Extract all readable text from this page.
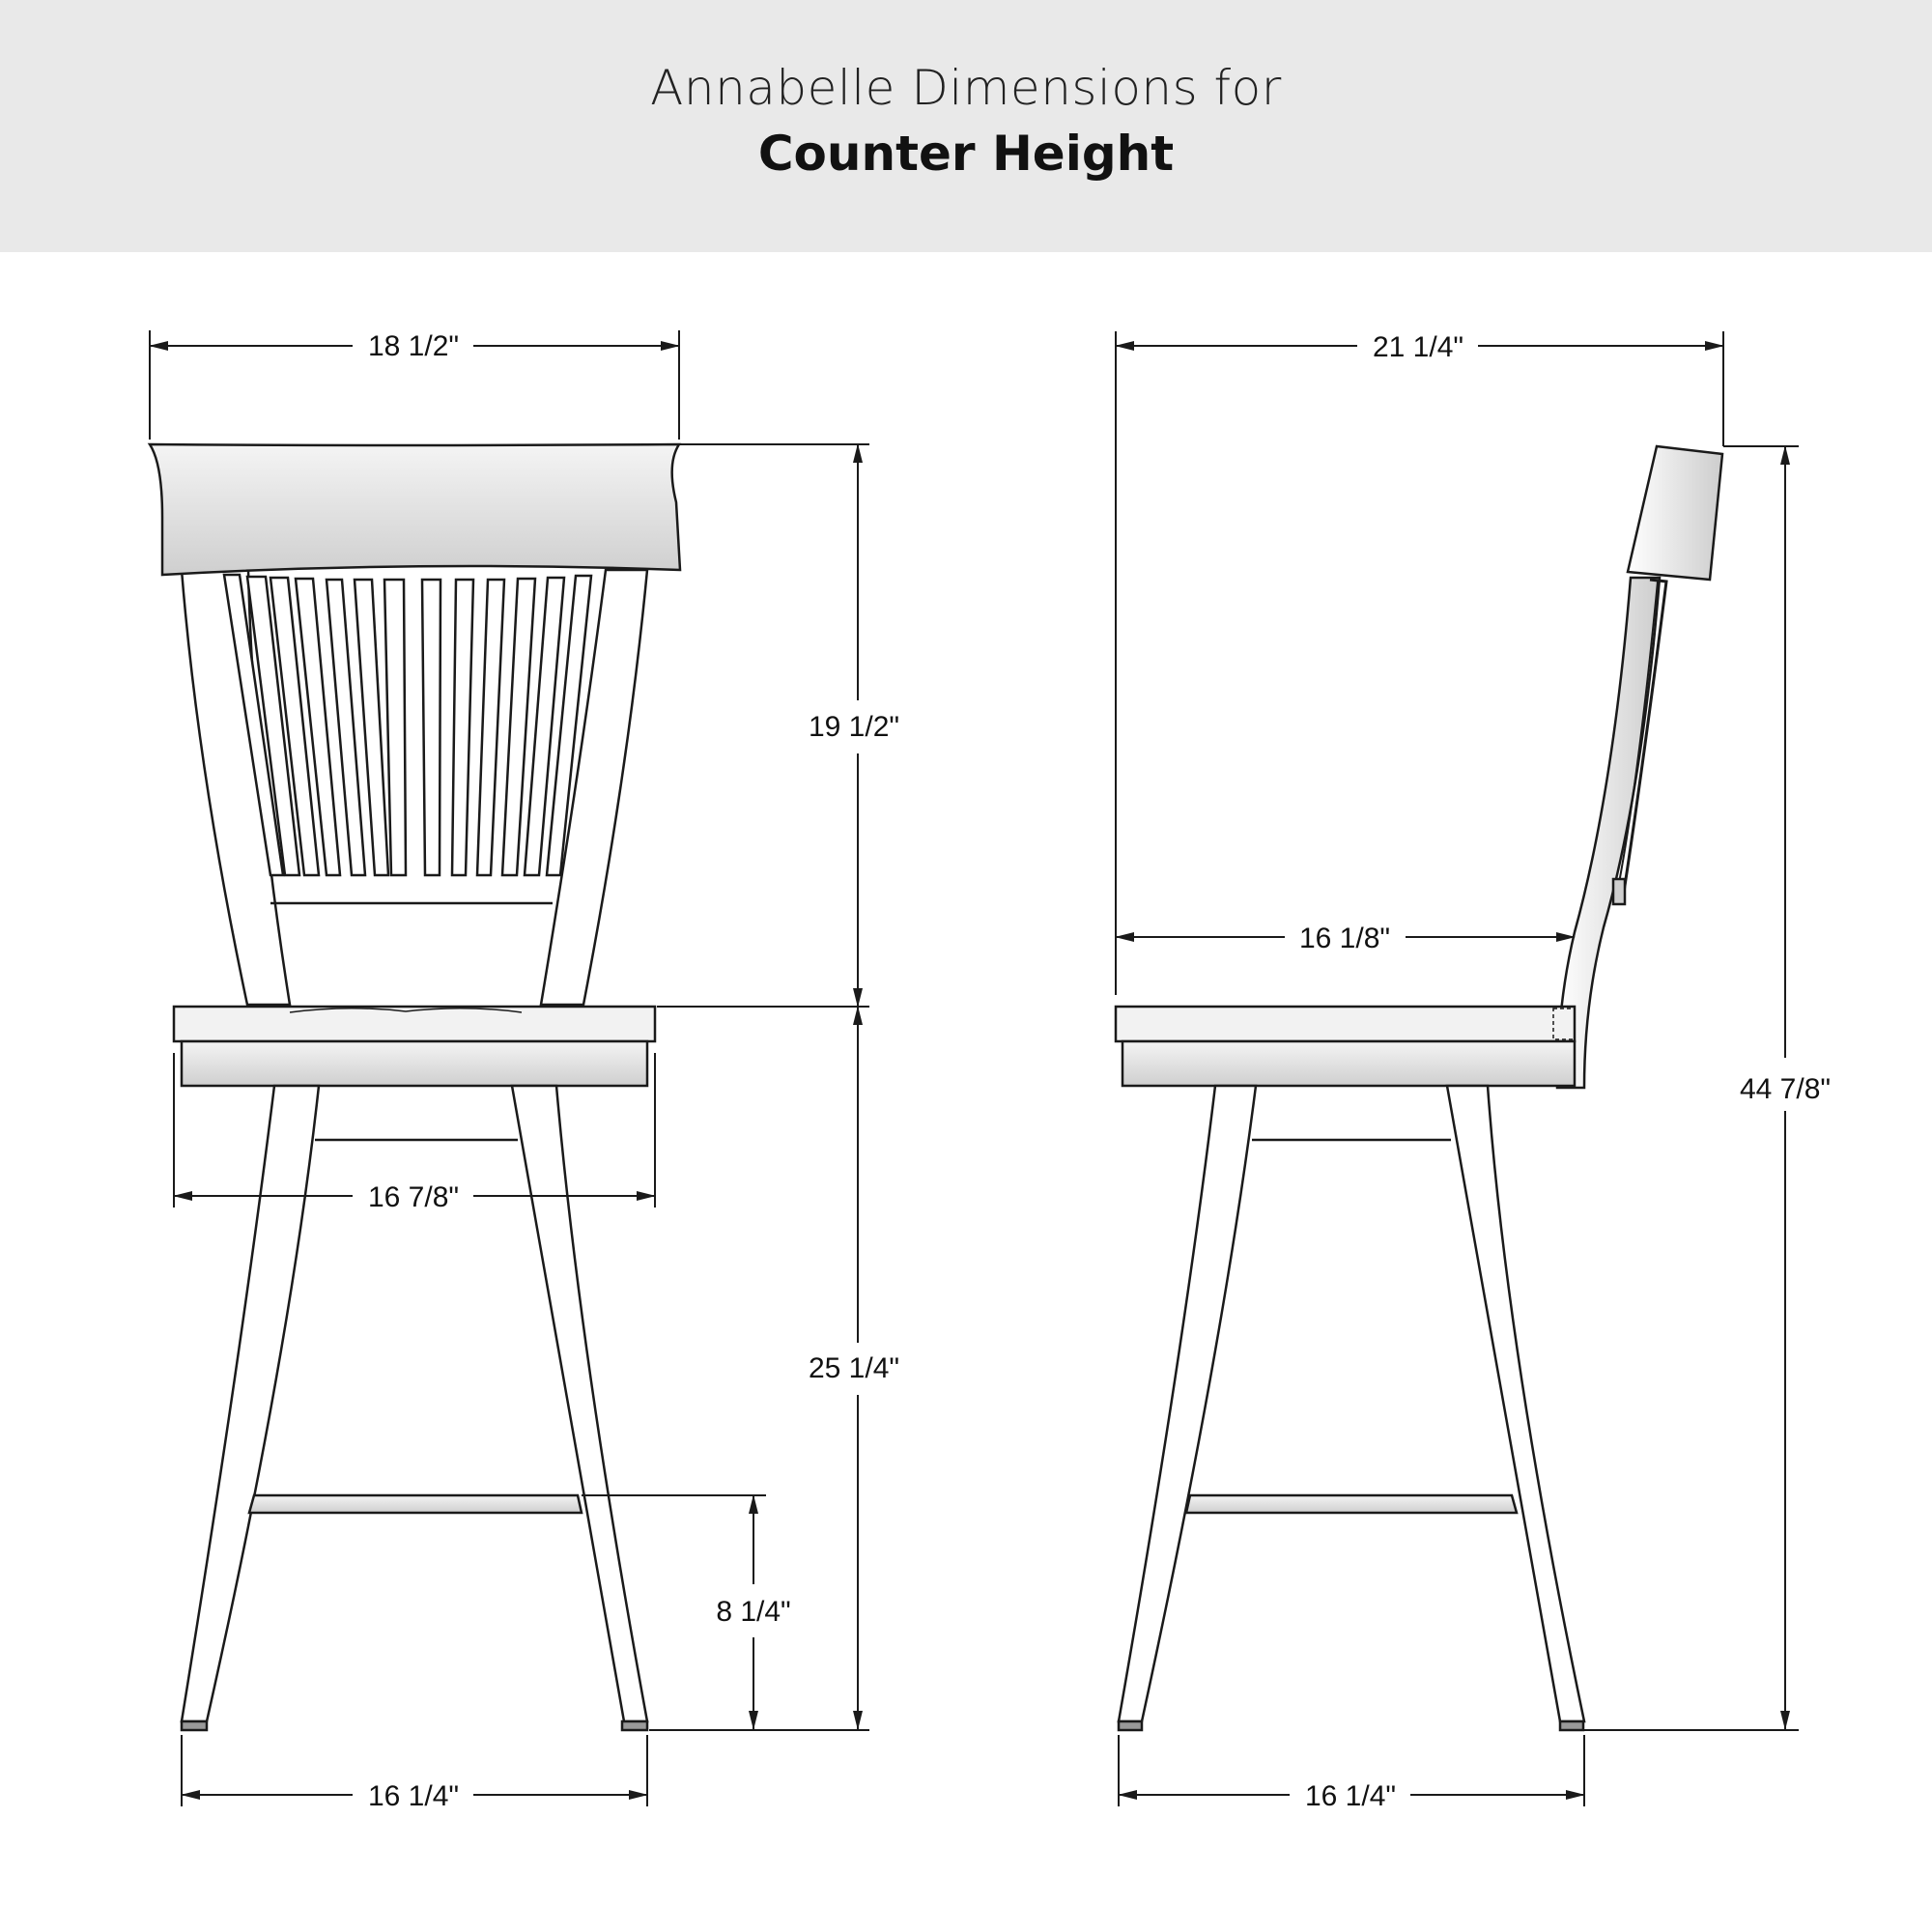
Annabelle Dimensions for
Counter Height
18 1/2"
19 1/2"
16 7/8"
25 1/4"
8 1/4"
16 1/4"
21 1/4"
16 1/8"
44 7/8"
16 1/4"
